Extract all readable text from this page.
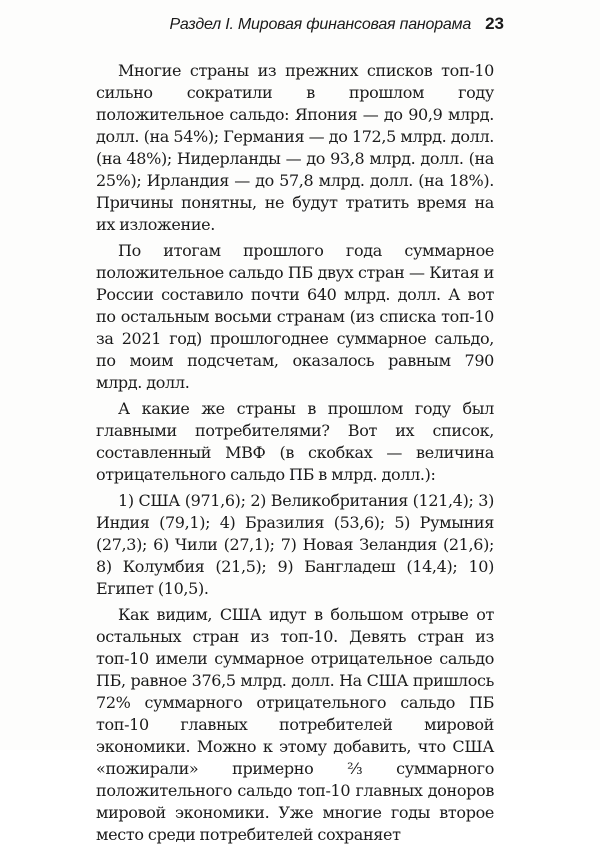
Раздел I. Мировая финансовая панорама 23

Многие страны из прежних списков топ-10 сильно сократили в прошлом году положительное сальдо: Япония — до 90,9 млрд. долл. (на 54%); Германия — до 172,5 млрд. долл. (на 48%); Нидерланды — до 93,8 млрд. долл. (на 25%); Ирландия — до 57,8 млрд. долл. (на 18%). Причины понятны, не будут тратить время на их изложение.

По итогам прошлого года суммарное положительное сальдо ПБ двух стран — Китая и России составило почти 640 млрд. долл. А вот по остальным восьми странам (из списка топ-10 за 2021 год) прошлогоднее суммарное сальдо, по моим подсчетам, оказалось равным 790 млрд. долл.

А какие же страны в прошлом году был главными потребителями? Вот их список, составленный МВФ (в скобках — величина отрицательного сальдо ПБ в млрд. долл.):

1) США (971,6); 2) Великобритания (121,4); 3) Индия (79,1); 4) Бразилия (53,6); 5) Румыния (27,3); 6) Чили (27,1); 7) Новая Зеландия (21,6); 8) Колумбия (21,5); 9) Бангладеш (14,4); 10) Египет (10,5).

Как видим, США идут в большом отрыве от остальных стран из топ-10. Девять стран из топ-10 имели суммарное отрицательное сальдо ПБ, равное 376,5 млрд. долл. На США пришлось 72% суммарного отрицательного сальдо ПБ топ-10 главных потребителей мировой экономики. Можно к этому добавить, что США «пожирали» примерно ⅔ суммарного положительного сальдо топ-10 главных доноров мировой экономики. Уже многие годы второе место среди потребителей сохраняет
